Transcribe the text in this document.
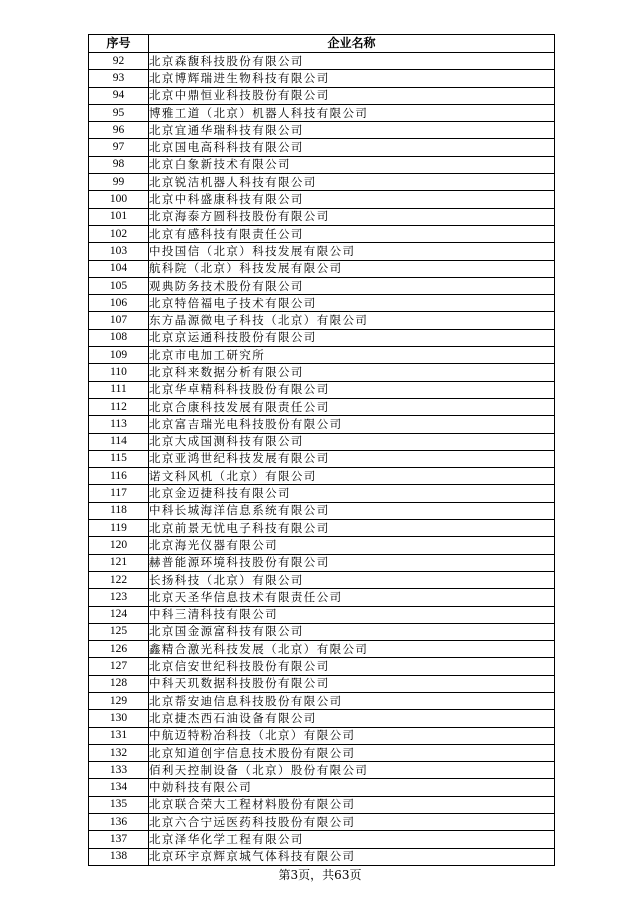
序号	企业名称
92	北京森馥科技股份有限公司
93	北京博辉瑞进生物科技有限公司
94	北京中鼎恒业科技股份有限公司
95	博雅工道（北京）机器人科技有限公司
96	北京宜通华瑞科技有限公司
97	北京国电高科科技有限公司
98	北京白象新技术有限公司
99	北京锐洁机器人科技有限公司
100	北京中科盛康科技有限公司
101	北京海泰方圆科技股份有限公司
102	北京有感科技有限责任公司
103	中投国信（北京）科技发展有限公司
104	航科院（北京）科技发展有限公司
105	观典防务技术股份有限公司
106	北京特倍福电子技术有限公司
107	东方晶源微电子科技（北京）有限公司
108	北京京运通科技股份有限公司
109	北京市电加工研究所
110	北京科来数据分析有限公司
111	北京华卓精科科技股份有限公司
112	北京合康科技发展有限责任公司
113	北京富吉瑞光电科技股份有限公司
114	北京大成国测科技有限公司
115	北京亚鸿世纪科技发展有限公司
116	诺文科风机（北京）有限公司
117	北京金迈捷科技有限公司
118	中科长城海洋信息系统有限公司
119	北京前景无忧电子科技有限公司
120	北京海光仪器有限公司
121	赫普能源环境科技股份有限公司
122	长扬科技（北京）有限公司
123	北京天圣华信息技术有限责任公司
124	中科三清科技有限公司
125	北京国金源富科技有限公司
126	鑫精合激光科技发展（北京）有限公司
127	北京信安世纪科技股份有限公司
128	中科天玑数据科技股份有限公司
129	北京帮安迪信息科技股份有限公司
130	北京捷杰西石油设备有限公司
131	中航迈特粉冶科技（北京）有限公司
132	北京知道创宇信息技术股份有限公司
133	佰利天控制设备（北京）股份有限公司
134	中勍科技有限公司
135	北京联合荣大工程材料股份有限公司
136	北京六合宁远医药科技股份有限公司
137	北京泽华化学工程有限公司
138	北京环宇京辉京城气体科技有限公司
第3页，共63页
